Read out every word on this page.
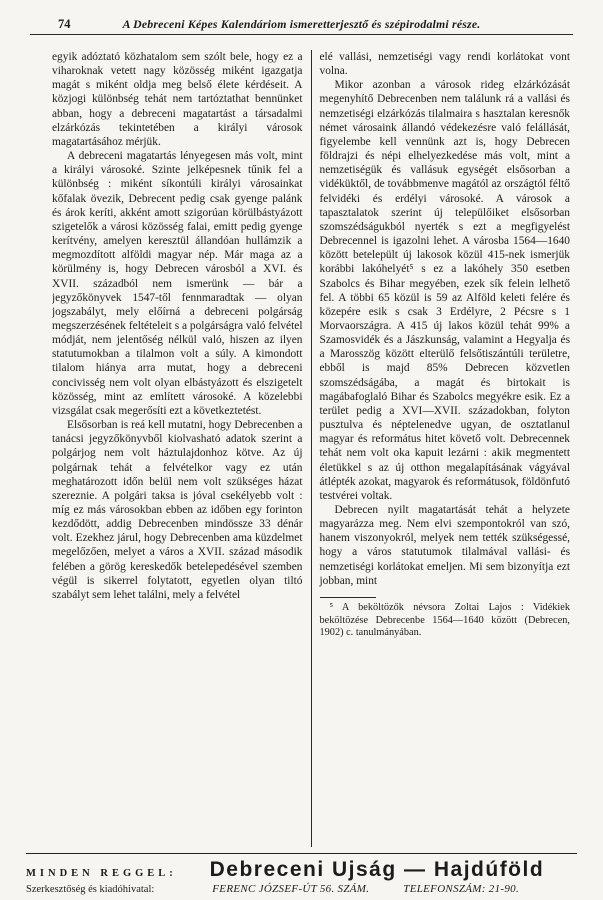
74	A Debreceni Képes Kalendáriom ismeretterjesztő és szépirodalmi része.

egyik adóztató közhatalom sem szólt bele, hogy ez a viharoknak vetett nagy közösség miként igazgatja magát s miként oldja meg belső élete kérdéseit. A közjogi különbség tehát nem tartóztathat bennünket abban, hogy a debreceni magatartást a társadalmi elzárkózás tekintetében a királyi városok magatartásához mérjük.

A debreceni magatartás lényegesen más volt, mint a királyi városoké. Szinte jelképesnek tűnik fel a különbség : miként síkontúli királyi városainkat kőfalak övezik, Debrecent pedig csak gyenge palánk és árok keríti, akként amott szigorúan körülbástyázott szigetelők a városi közösség falai, emitt pedig gyenge kerítvény, amelyen keresztül állandóan hullámzik a megmozdított alföldi magyar nép. Már maga az a körülmény is, hogy Debrecen városból a XVI. és XVII. századból nem ismerünk — bár a jegyzőkönyvek 1547-től fennmaradtak — olyan jogszabályt, mely előírná a debreceni polgárság megszerzésének feltételeit s a polgárságra való felvétel módját, nem jelentőség nélkül való, hiszen az ilyen statutumokban a tilalmon volt a súly. A kimondott tilalom hiánya arra mutat, hogy a debreceni concivisség nem volt olyan elbástyázott és elszigetelt közösség, mint az említett városoké. A közelebbi vizsgálat csak megerősíti ezt a következtetést.

Elsősorban is reá kell mutatni, hogy Debrecenben a tanácsi jegyzőkönyvből kiolvasható adatok szerint a polgárjog nem volt háztulajdonhoz kötve. Az új polgárnak tehát a felvételkor vagy ez után meghatározott időn belül nem volt szükséges házat szereznie. A polgári taksa is jóval csekélyebb volt : míg ez más városokban ebben az időben egy forinton kezdődött, addig Debrecenben mindössze 33 dénár volt. Ezekhez járul, hogy Debrecenben ama küzdelmet megelőzően, melyet a város a XVII. század második felében a görög kereskedők betelepedésével szemben végül is sikerrel folytatott, egyetlen olyan tiltó szabályt sem lehet találni, mely a felvétel

elé vallási, nemzetiségi vagy rendi korlátokat vont volna.

Mikor azonban a városok rideg elzárkózását megenyhítő Debrecenben nem találunk rá a vallási és nemzetiségi elzárkózás tilalmaira s hasztalan keresnők német városaink állandó védekezésre való felállását, figyelembe kell vennünk azt is, hogy Debrecen földrajzi és népi elhelyezkedése más volt, mint a nemzetiségük és vallásuk egységét elsősorban a vidéküktől, de továbbmenve magától az országtól féltő felvidéki és erdélyi városoké. A városok a tapasztalatok szerint új települőiket elsősorban szomszédságukból nyerték s ezt a megfigyelést Debrecennel is igazolni lehet. A városba 1564—1640 között betelepült új lakosok közül 415-nek ismerjük korábbi lakóhelyét⁵ s ez a lakóhely 350 esetben Szabolcs és Bihar megyében, ezek sík felein lelhető fel. A többi 65 közül is 59 az Alföld keleti felére és közepére esik s csak 3 Erdélyre, 2 Pécsre s 1 Morvaországra. A 415 új lakos közül tehát 99% a Szamosvidék és a Jászkunság, valamint a Hegyalja és a Marosszög között elterülő felsőtiszántúli területre, ebből is majd 85% Debrecen közvetlen szomszédságába, a magát és birtokait is magábafoglaló Bihar és Szabolcs megyékre esik. Ez a terület pedig a XVI—XVII. századokban, folyton pusztulva és néptelenedve ugyan, de osztatlanul magyar és református hitet követő volt. Debrecennek tehát nem volt oka kapuit lezárni : akik megmentett életükkel s az új otthon megalapításának vágyával átlépték azokat, magyarok és reformátusok, földönfutó testvérei voltak.

Debrecen nyilt magatartását tehát a helyzete magyarázza meg. Nem elvi szempontokról van szó, hanem viszonyokról, melyek nem tették szükségessé, hogy a város statutumok tilalmával vallási- és nemzetiségi korlátokat emeljen. Mi sem bizonyítja ezt jobban, mint

⁵ A beköltözők névsora Zoltai Lajos : Vidékiek beköltözése Debrecenbe 1564—1640 között (Debrecen, 1902) c. tanulmányában.
MINDEN REGGEL:	Debreceni Ujság — Hajdúföld
Szerkesztőség és kiadóhivatal:	FERENC JÓZSEF-ÚT 56. SZÁM.	TELEFONSZÁM: 21-90.
